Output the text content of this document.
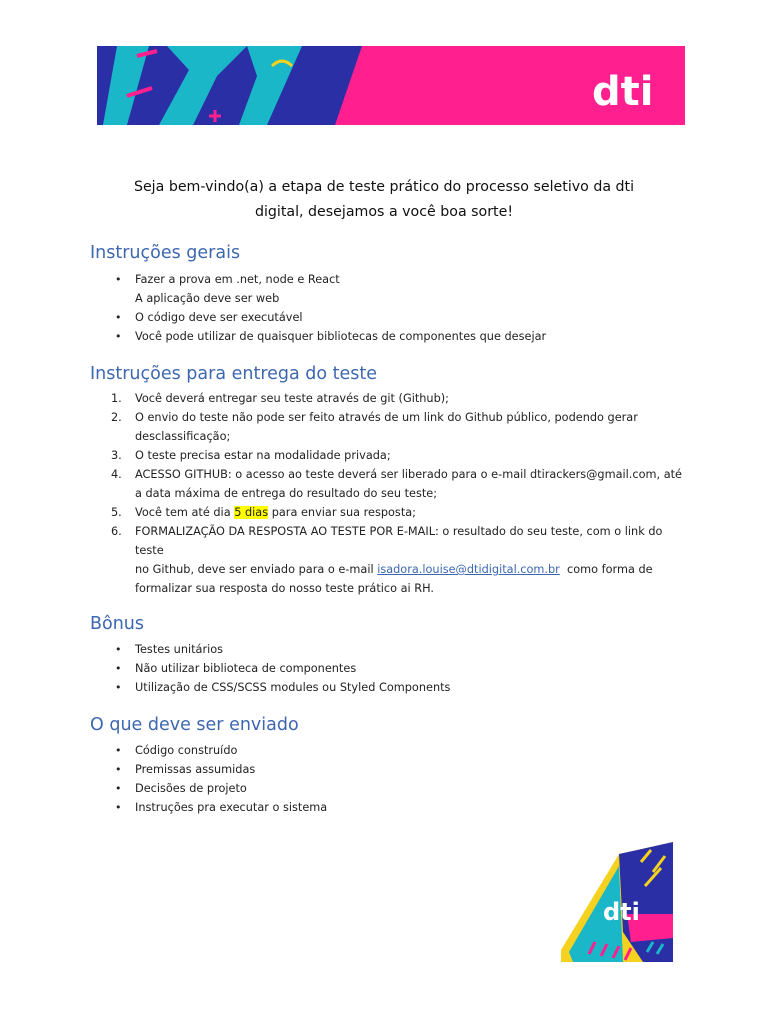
dti
Seja bem-vindo(a) a etapa de teste prático do processo seletivo da dti
digital, desejamos a você boa sorte!
Instruções gerais
• Fazer a prova em .net, node e React
A aplicação deve ser web
• O código deve ser executável
• Você pode utilizar de quaisquer bibliotecas de componentes que desejar
Instruções para entrega do teste
1. Você deverá entregar seu teste através de git (Github);
2. O envio do teste não pode ser feito através de um link do Github público, podendo gerar
desclassificação;
3. O teste precisa estar na modalidade privada;
4. ACESSO GITHUB: o acesso ao teste deverá ser liberado para o e-mail dtirackers@gmail.com, até
a data máxima de entrega do resultado do seu teste;
5. Você tem até dia 5 dias para enviar sua resposta;
6. FORMALIZAÇÃO DA RESPOSTA AO TESTE POR E-MAIL: o resultado do seu teste, com o link do teste
no Github, deve ser enviado para o e-mail isadora.louise@dtidigital.com.br  como forma de
formalizar sua resposta do nosso teste prático ai RH.
Bônus
• Testes unitários
• Não utilizar biblioteca de componentes
• Utilização de CSS/SCSS modules ou Styled Components
O que deve ser enviado
• Código construído
• Premissas assumidas
• Decisões de projeto
• Instruções pra executar o sistema
dti
